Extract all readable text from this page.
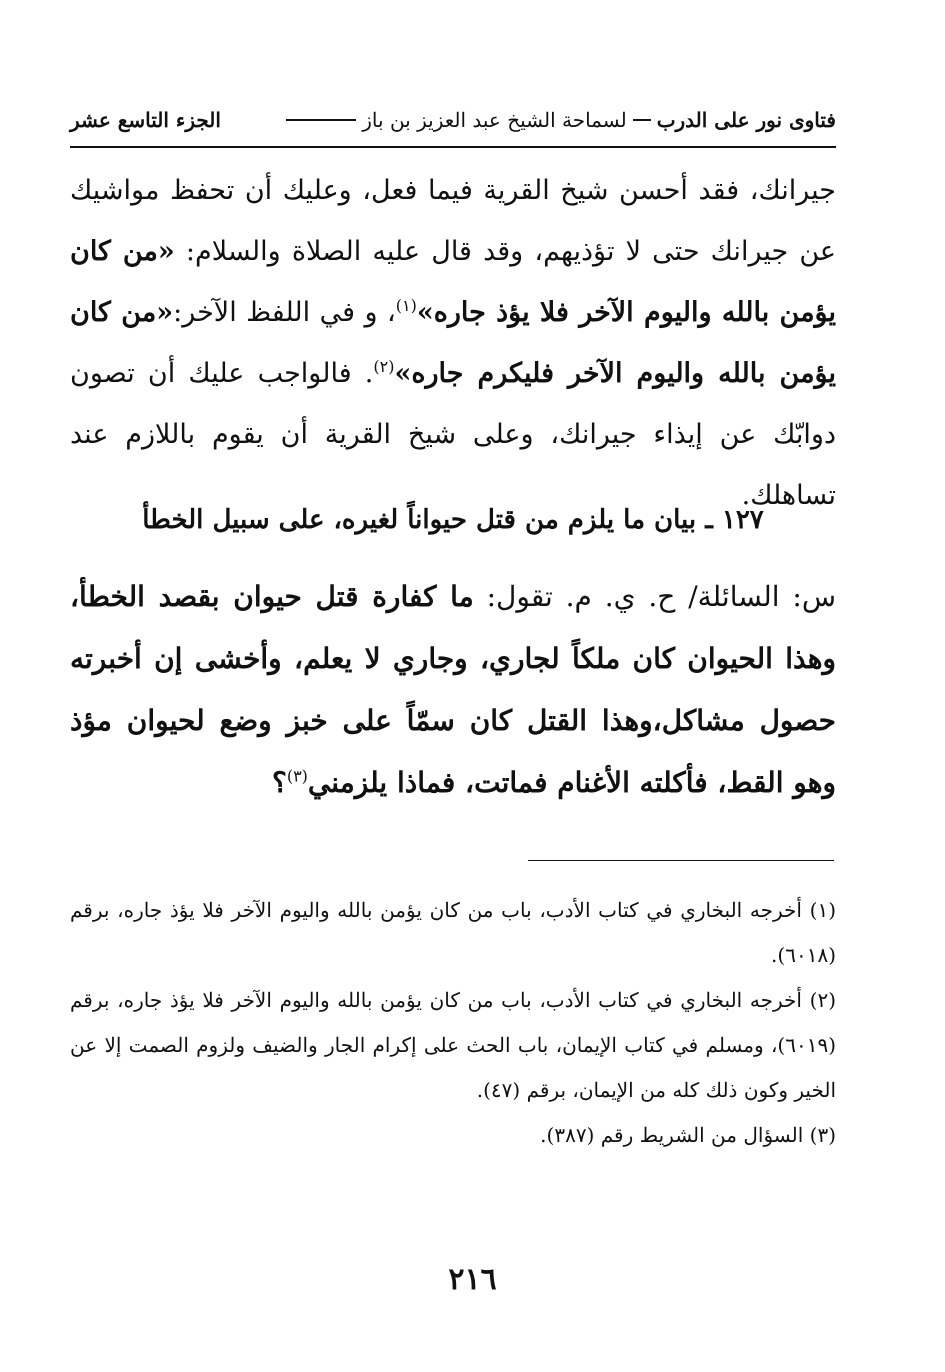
فتاوى نور على الدرب
لسماحة الشيخ عبد العزيز بن باز
الجزء التاسع عشر

جيرانك، فقد أحسن شيخ القرية فيما فعل، وعليك أن تحفظ مواشيك عن جيرانك حتى لا تؤذيهم، وقد قال عليه الصلاة والسلام: «من كان يؤمن بالله واليوم الآخر فلا يؤذ جاره»$^{(١)}$، و في اللفظ الآخر:«من كان يؤمن بالله واليوم الآخر فليكرم جاره»$^{(٢)}$. فالواجب عليك أن تصون دوابّك عن إيذاء جيرانك، وعلى شيخ القرية أن يقوم باللازم عند تساهلك.

١٢٧ ـ بيان ما يلزم من قتل حيواناً لغيره، على سبيل الخطأ

س: السائلة/ ح. ي. م. تقول: ما كفارة قتل حيوان بقصد الخطأ، وهذا الحيوان كان ملكاً لجاري، وجاري لا يعلم، وأخشى إن أخبرته حصول مشاكل،وهذا القتل كان سمّاً على خبز وضع لحيوان مؤذ وهو القط، فأكلته الأغنام فماتت، فماذا يلزمني$^{(٣)}$؟

(١) أخرجه البخاري في كتاب الأدب، باب من كان يؤمن بالله واليوم الآخر فلا يؤذ جاره، برقم (٦٠١٨).

(٢) أخرجه البخاري في كتاب الأدب، باب من كان يؤمن بالله واليوم الآخر فلا يؤذ جاره، برقم (٦٠١٩)، ومسلم في كتاب الإيمان، باب الحث على إكرام الجار والضيف ولزوم الصمت إلا عن الخير وكون ذلك كله من الإيمان، برقم (٤٧).

(٣) السؤال من الشريط رقم (٣٨٧).

٢١٦
